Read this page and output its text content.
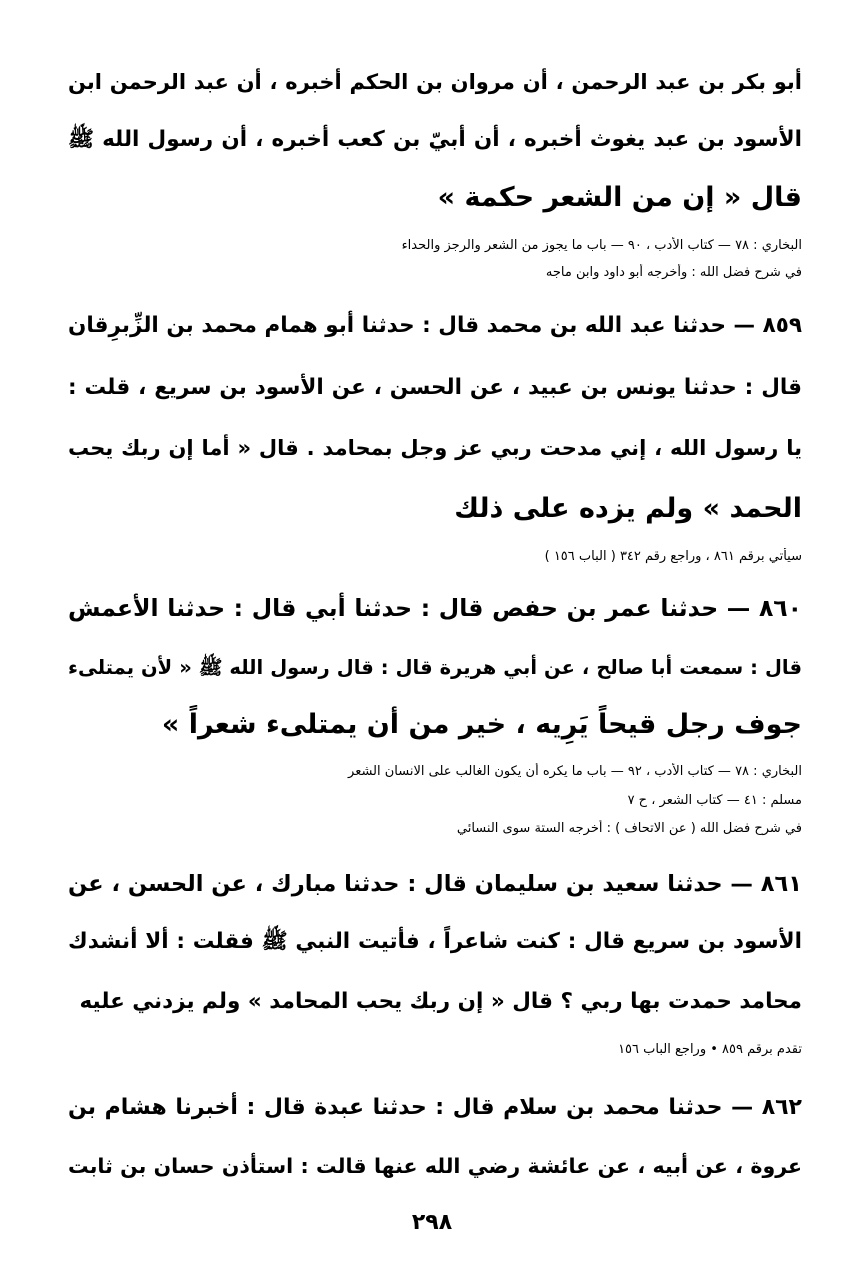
أبو بكر بن عبد الرحمن ، أن مروان بن الحكم أخبره ، أن عبد الرحمن ابن
الأسود بن عبد يغوث أخبره ، أن أبيّ بن كعب أخبره ، أن رسول الله ﷺ
قال « إن من الشعر حكمة »
البخاري : ٧٨ — كتاب الأدب ، ٩٠ — باب ما يجوز من الشعر والرجز والحداء
في شرح فضل الله : وأخرجه أبو داود وابن ماجه
٨٥٩ — حدثنا عبد الله بن محمد قال : حدثنا أبو همام محمد بن الزِّبرِقان
قال : حدثنا يونس بن عبيد ، عن الحسن ، عن الأسود بن سريع ، قلت :
يا رسول الله ، إني مدحت ربي عز وجل بمحامد . قال « أما إن ربك يحب
الحمد » ولم يزده على ذلك
سيأتي برقم ٨٦١ ، وراجع رقم ٣٤٢ ( الباب ١٥٦ )
٨٦٠ — حدثنا عمر بن حفص قال : حدثنا أبي قال : حدثنا الأعمش
قال : سمعت أبا صالح ، عن أبي هريرة قال : قال رسول الله ﷺ « لأن يمتلىء
جوف رجل قيحاً يَرِيه ، خير من أن يمتلىء شعراً »
البخاري : ٧٨ — كتاب الأدب ، ٩٢ — باب ما يكره أن يكون الغالب على الانسان الشعر
مسلم : ٤١ — كتاب الشعر ، ح ٧
في شرح فضل الله ( عن الاتحاف ) : أخرجه الستة سوى النسائي
٨٦١ — حدثنا سعيد بن سليمان قال : حدثنا مبارك ، عن الحسن ، عن
الأسود بن سريع قال : كنت شاعراً ، فأتيت النبي ﷺ فقلت : ألا أنشدك
محامد حمدت بها ربي ؟ قال « إن ربك يحب المحامد » ولم يزدني عليه
تقدم برقم ٨٥٩ • وراجع الباب ١٥٦
٨٦٢ — حدثنا محمد بن سلام قال : حدثنا عبدة قال : أخبرنا هشام بن
عروة ، عن أبيه ، عن عائشة رضي الله عنها قالت : استأذن حسان بن ثابت
٢٩٨
